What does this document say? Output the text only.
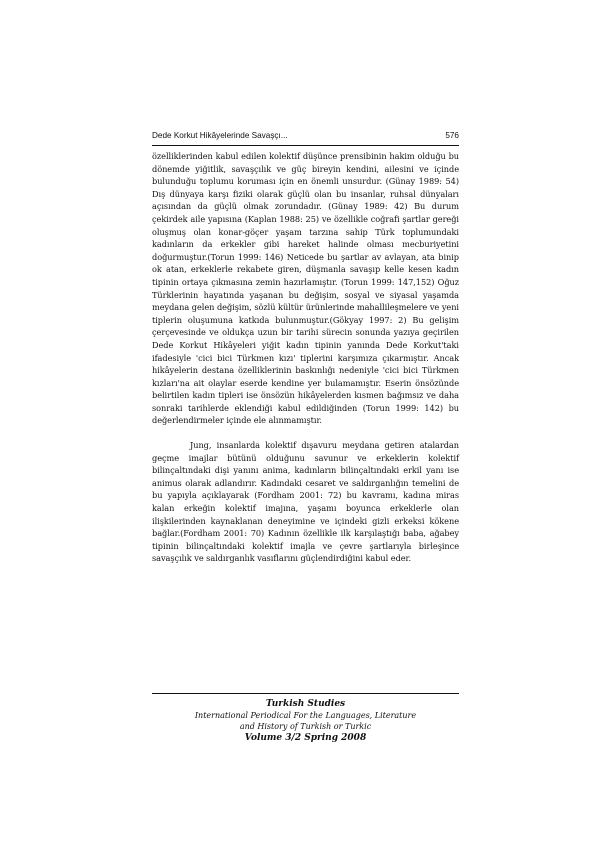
Dede Korkut Hikâyelerinde Savaşçı...	576

özelliklerinden kabul edilen kolektif düşünce prensibinin hakim olduğu bu dönemde yiğitlik, savaşçılık ve güç bireyin kendini, ailesini ve içinde bulunduğu toplumu koruması için en önemli unsurdur. (Günay 1989: 54) Dış dünyaya karşı fiziki olarak güçlü olan bu insanlar, ruhsal dünyaları açısından da güçlü olmak zorundadır. (Günay 1989: 42) Bu durum çekirdek aile yapısına (Kaplan 1988: 25) ve özellikle coğrafi şartlar gereği oluşmuş olan konar-göçer yaşam tarzına sahip Türk toplumundaki kadınların da erkekler gibi hareket halinde olması mecburiyetini doğurmuştur.(Torun 1999: 146) Neticede bu şartlar av avlayan, ata binip ok atan, erkeklerle rekabete giren, düşmanla savaşıp kelle kesen kadın tipinin ortaya çıkmasına zemin hazırlamıştır. (Torun 1999: 147,152) Oğuz Türklerinin hayatında yaşanan bu değişim, sosyal ve siyasal yaşamda meydana gelen değişim, sözlü kültür ürünlerinde mahallileşmelere ve yeni tiplerin oluşumuna katkıda bulunmuştur.(Gökyay 1997: 2) Bu gelişim çerçevesinde ve oldukça uzun bir tarihi sürecin sonunda yazıya geçirilen Dede Korkut Hikâyeleri yiğit kadın tipinin yanında Dede Korkut'taki ifadesiyle 'cici bici Türkmen kızı' tiplerini karşımıza çıkarmıştır. Ancak hikâyelerin destana özelliklerinin baskınlığı nedeniyle 'cici bici Türkmen kızları'na ait olaylar eserde kendine yer bulamamıştır. Eserin önsözünde belirtilen kadın tipleri ise önsözün hikâyelerden kısmen bağımsız ve daha sonraki tarihlerde eklendiği kabul edildiğinden (Torun 1999: 142) bu değerlendirmeler içinde ele alınmamıştır.

Jung, insanlarda kolektif dışavuru meydana getiren atalardan geçme imajlar bütünü olduğunu savunur ve erkeklerin kolektif bilinçaltındaki dişi yanını anima, kadınların bilinçaltındaki erkil yanı ise animus olarak adlandırır. Kadındaki cesaret ve saldırganlığın temelini de bu yapıyla açıklayarak (Fordham 2001: 72) bu kavramı, kadına miras kalan erkeğin kolektif imajına, yaşamı boyunca erkeklerle olan ilişkilerinden kaynaklanan deneyimine ve içindeki gizli erkeksi kökene bağlar.(Fordham 2001: 70) Kadının özellikle ilk karşılaştığı baba, ağabey tipinin bilinçaltındaki kolektif imajla ve çevre şartlarıyla birleşince savaşçılık ve saldırganlık vasıflarını güçlendirdiğini kabul eder.

Turkish Studies
International Periodical For the Languages, Literature
and History of Turkish or Turkic
Volume 3/2 Spring 2008
